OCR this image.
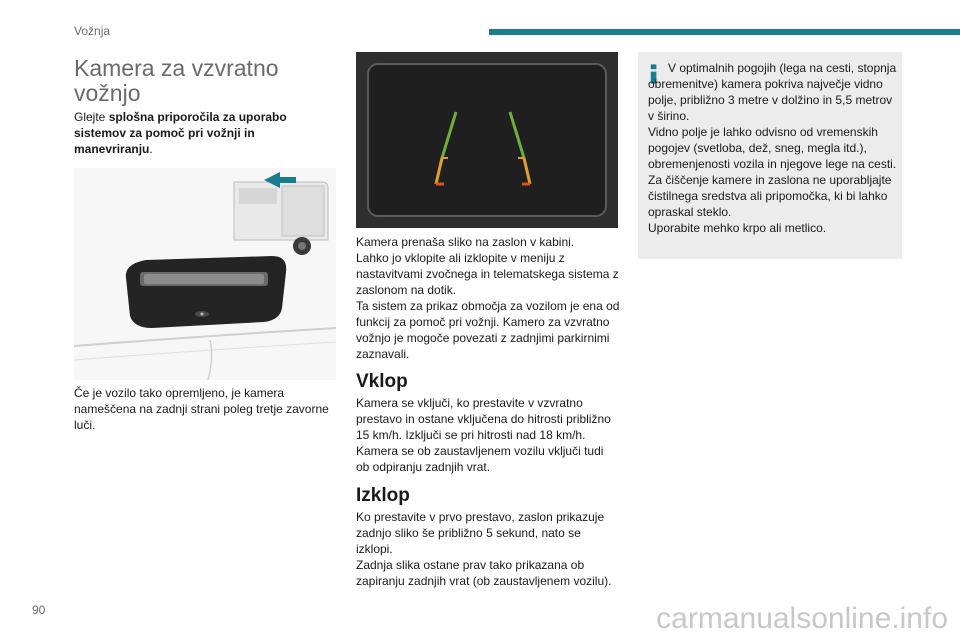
Vožnja
Kamera za vzvratno vožnjo

Glejte splošna priporočila za uporabo sistemov za pomoč pri vožnji in manevriranju.

Če je vozilo tako opremljeno, je kamera nameščena na zadnji strani poleg tretje zavorne luči.

Kamera prenaša sliko na zaslon v kabini.
Lahko jo vklopite ali izklopite v meniju z nastavitvami zvočnega in telematskega sistema z zaslonom na dotik.
Ta sistem za prikaz območja za vozilom je ena od funkcij za pomoč pri vožnji. Kamero za vzvratno vožnjo je mogoče povezati z zadnjimi parkirnimi zaznavali.
Vklop
Kamera se vključi, ko prestavite v vzvratno prestavo in ostane vključena do hitrosti približno 15 km/h. Izključi se pri hitrosti nad 18 km/h.
Kamera se ob zaustavljenem vozilu vključi tudi ob odpiranju zadnjih vrat.
Izklop
Ko prestavite v prvo prestavo, zaslon prikazuje zadnjo sliko še približno 5 sekund, nato se izklopi.
Zadnja slika ostane prav tako prikazana ob zapiranju zadnjih vrat (ob zaustavljenem vozilu).
V optimalnih pogojih (lega na cesti, stopnja obremenitve) kamera pokriva največje vidno polje, približno 3 metre v dolžino in 5,5 metrov v širino.
Vidno polje je lahko odvisno od vremenskih pogojev (svetloba, dež, sneg, megla itd.), obremenjenosti vozila in njegove lege na cesti.
Za čiščenje kamere in zaslona ne uporabljajte čistilnega sredstva ali pripomočka, ki bi lahko opraskal steklo.
Uporabite mehko krpo ali metlico.
90	carmanualsonline.info
